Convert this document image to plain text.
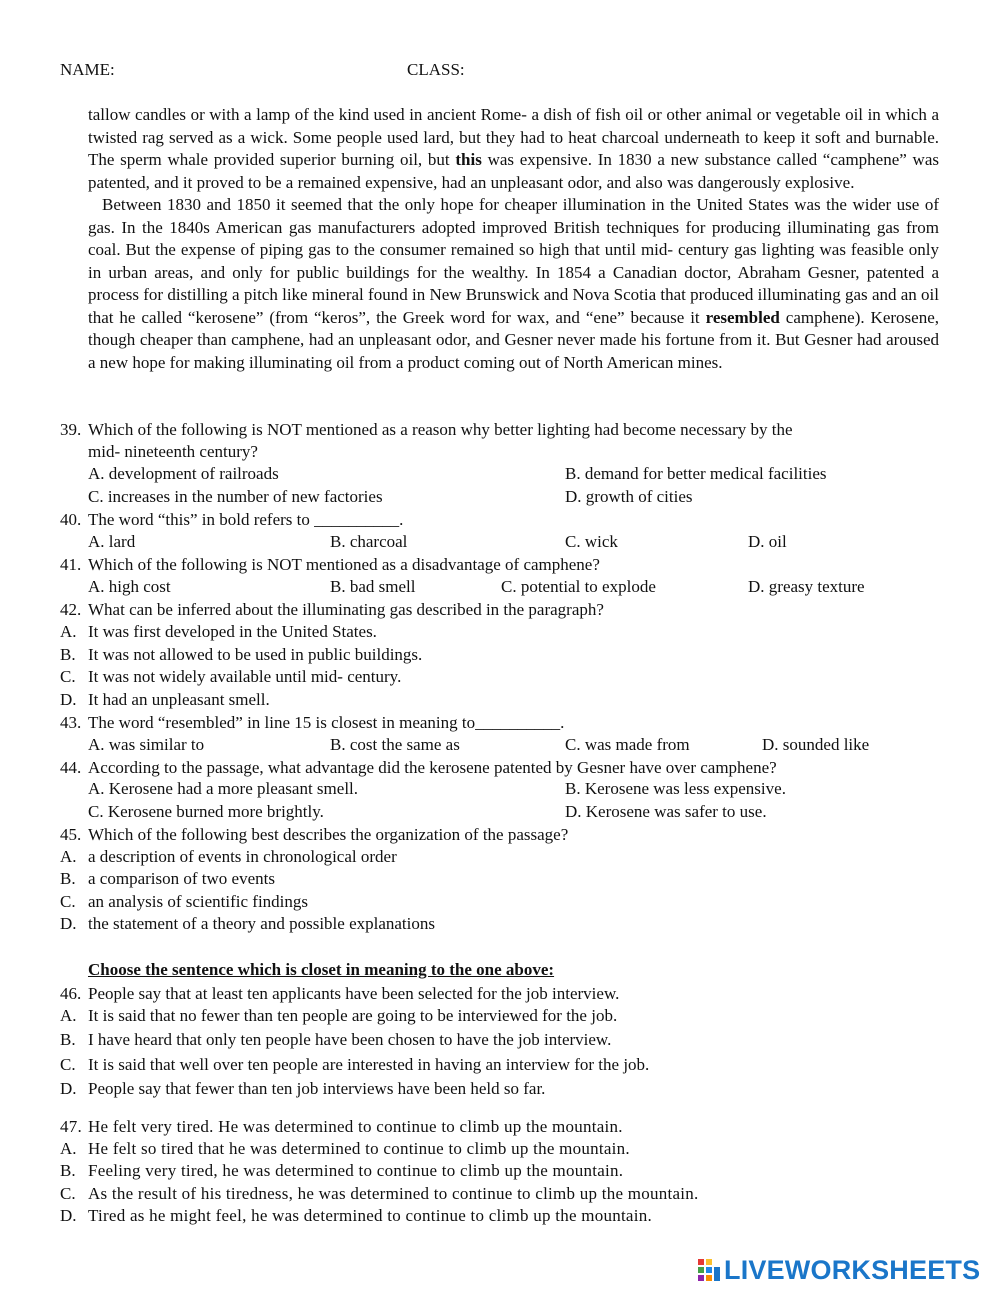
NAME:	CLASS:

tallow candles or with a lamp of the kind used in ancient Rome- a dish of fish oil or other animal or vegetable oil in which a twisted rag served as a wick. Some people used lard, but they had to heat charcoal underneath to keep it soft and burnable. The sperm whale provided superior burning oil, but this was expensive. In 1830 a new substance called “camphene” was patented, and it proved to be a remained expensive, had an unpleasant odor, and also was dangerously explosive.

Between 1830 and 1850 it seemed that the only hope for cheaper illumination in the United States was the wider use of gas. In the 1840s American gas manufacturers adopted improved British techniques for producing illuminating gas from coal. But the expense of piping gas to the consumer remained so high that until mid- century gas lighting was feasible only in urban areas, and only for public buildings for the wealthy. In 1854 a Canadian doctor, Abraham Gesner, patented a process for distilling a pitch like mineral found in New Brunswick and Nova Scotia that produced illuminating gas and an oil that he called “kerosene” (from “keros”, the Greek word for wax, and “ene” because it resembled camphene). Kerosene, though cheaper than camphene, had an unpleasant odor, and Gesner never made his fortune from it. But Gesner had aroused a new hope for making illuminating oil from a product coming out of North American mines.

39. Which of the following is NOT mentioned as a reason why better lighting had become necessary by the
mid- nineteenth century?
A. development of railroads	B. demand for better medical facilities
C. increases in the number of new factories	D. growth of cities
40. The word “this” in bold refers to __________.
A. lard	B. charcoal	C. wick	D. oil
41. Which of the following is NOT mentioned as a disadvantage of camphene?
A. high cost	B. bad smell	C. potential to explode	D. greasy texture
42. What can be inferred about the illuminating gas described in the paragraph?
A. It was first developed in the United States.
B. It was not allowed to be used in public buildings.
C. It was not widely available until mid- century.
D. It had an unpleasant smell.
43. The word “resembled” in line 15 is closest in meaning to__________.
A. was similar to	B. cost the same as	C. was made from	D. sounded like
44. According to the passage, what advantage did the kerosene patented by Gesner have over camphene?
A. Kerosene had a more pleasant smell.	B. Kerosene was less expensive.
C. Kerosene burned more brightly.	D. Kerosene was safer to use.
45. Which of the following best describes the organization of the passage?
A. a description of events in chronological order
B. a comparison of two events
C. an analysis of scientific findings
D. the statement of a theory and possible explanations
Choose the sentence which is closet in meaning to the one above:
46. People say that at least ten applicants have been selected for the job interview.
A. It is said that no fewer than ten people are going to be interviewed for the job.
B. I have heard that only ten people have been chosen to have the job interview.
C. It is said that well over ten people are interested in having an interview for the job.
D. People say that fewer than ten job interviews have been held so far.
47. He felt very tired. He was determined to continue to climb up the mountain.
A. He felt so tired that he was determined to continue to climb up the mountain.
B. Feeling very tired, he was determined to continue to climb up the mountain.
C. As the result of his tiredness, he was determined to continue to climb up the mountain.
D. Tired as he might feel, he was determined to continue to climb up the mountain.
LIVEWORKSHEETS
